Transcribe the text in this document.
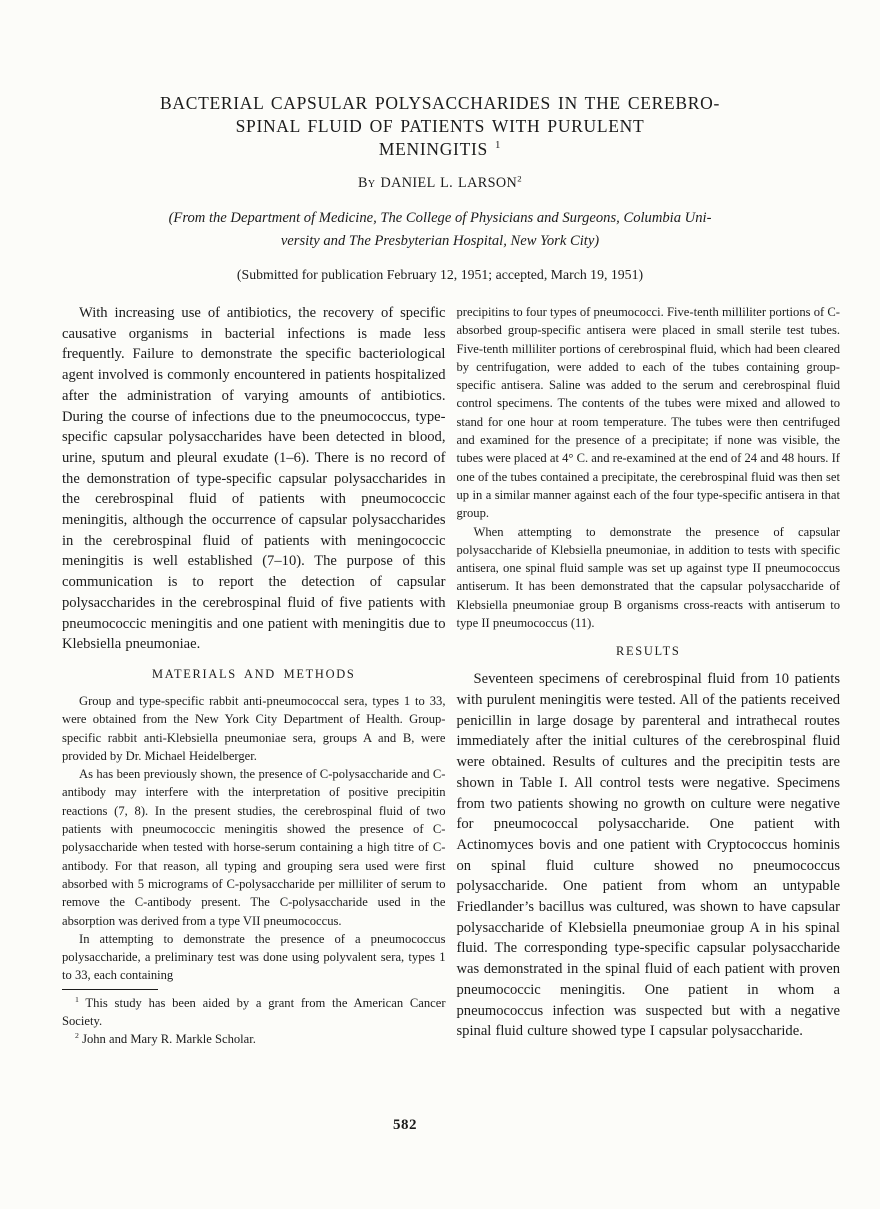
BACTERIAL CAPSULAR POLYSACCHARIDES IN THE CEREBRO-
SPINAL FLUID OF PATIENTS WITH PURULENT
MENINGITIS $^1$
By DANIEL L. LARSON$^2$
(From the Department of Medicine, The College of Physicians and Surgeons, Columbia Uni-
versity and The Presbyterian Hospital, New York City)
(Submitted for publication February 12, 1951; accepted, March 19, 1951)

With increasing use of antibiotics, the recovery of specific causative organisms in bacterial infections is made less frequently. Failure to demonstrate the specific bacteriological agent involved is commonly encountered in patients hospitalized after the administration of varying amounts of antibiotics. During the course of infections due to the pneumococcus, type-specific capsular polysaccharides have been detected in blood, urine, sputum and pleural exudate (1–6). There is no record of the demonstration of type-specific capsular polysaccharides in the cerebrospinal fluid of patients with pneumococcic meningitis, although the occurrence of capsular polysaccharides in the cerebrospinal fluid of patients with meningococcic meningitis is well established (7–10). The purpose of this communication is to report the detection of capsular polysaccharides in the cerebrospinal fluid of five patients with pneumococcic meningitis and one patient with meningitis due to Klebsiella pneumoniae.

MATERIALS AND METHODS

Group and type-specific rabbit anti-pneumococcal sera, types 1 to 33, were obtained from the New York City Department of Health. Group-specific rabbit anti-Klebsiella pneumoniae sera, groups A and B, were provided by Dr. Michael Heidelberger.

As has been previously shown, the presence of C-polysaccharide and C-antibody may interfere with the interpretation of positive precipitin reactions (7, 8). In the present studies, the cerebrospinal fluid of two patients with pneumococcic meningitis showed the presence of C-polysaccharide when tested with horse-serum containing a high titre of C-antibody. For that reason, all typing and grouping sera used were first absorbed with 5 micrograms of C-polysaccharide per milliliter of serum to remove the C-antibody present. The C-polysaccharide used in the absorption was derived from a type VII pneumococcus.

In attempting to demonstrate the presence of a pneumococcus polysaccharide, a preliminary test was done using polyvalent sera, types 1 to 33, each containing

$^1$ This study has been aided by a grant from the American Cancer Society.

$^2$ John and Mary R. Markle Scholar.

precipitins to four types of pneumococci. Five-tenth milliliter portions of C-absorbed group-specific antisera were placed in small sterile test tubes. Five-tenth milliliter portions of cerebrospinal fluid, which had been cleared by centrifugation, were added to each of the tubes containing group-specific antisera. Saline was added to the serum and cerebrospinal fluid control specimens. The contents of the tubes were mixed and allowed to stand for one hour at room temperature. The tubes were then centrifuged and examined for the presence of a precipitate; if none was visible, the tubes were placed at 4° C. and re-examined at the end of 24 and 48 hours. If one of the tubes contained a precipitate, the cerebrospinal fluid was then set up in a similar manner against each of the four type-specific antisera in that group.

When attempting to demonstrate the presence of capsular polysaccharide of Klebsiella pneumoniae, in addition to tests with specific antisera, one spinal fluid sample was set up against type II pneumococcus antiserum. It has been demonstrated that the capsular polysaccharide of Klebsiella pneumoniae group B organisms cross-reacts with antiserum to type II pneumococcus (11).

RESULTS

Seventeen specimens of cerebrospinal fluid from 10 patients with purulent meningitis were tested. All of the patients received penicillin in large dosage by parenteral and intrathecal routes immediately after the initial cultures of the cerebrospinal fluid were obtained. Results of cultures and the precipitin tests are shown in Table I. All control tests were negative. Specimens from two patients showing no growth on culture were negative for pneumococcal polysaccharide. One patient with Actinomyces bovis and one patient with Cryptococcus hominis on spinal fluid culture showed no pneumococcus polysaccharide. One patient from whom an untypable Friedlander’s bacillus was cultured, was shown to have capsular polysaccharide of Klebsiella pneumoniae group A in his spinal fluid. The corresponding type-specific capsular polysaccharide was demonstrated in the spinal fluid of each patient with proven pneumococcic meningitis. One patient in whom a pneumococcus infection was suspected but with a negative spinal fluid culture showed type I capsular polysaccharide.

582
